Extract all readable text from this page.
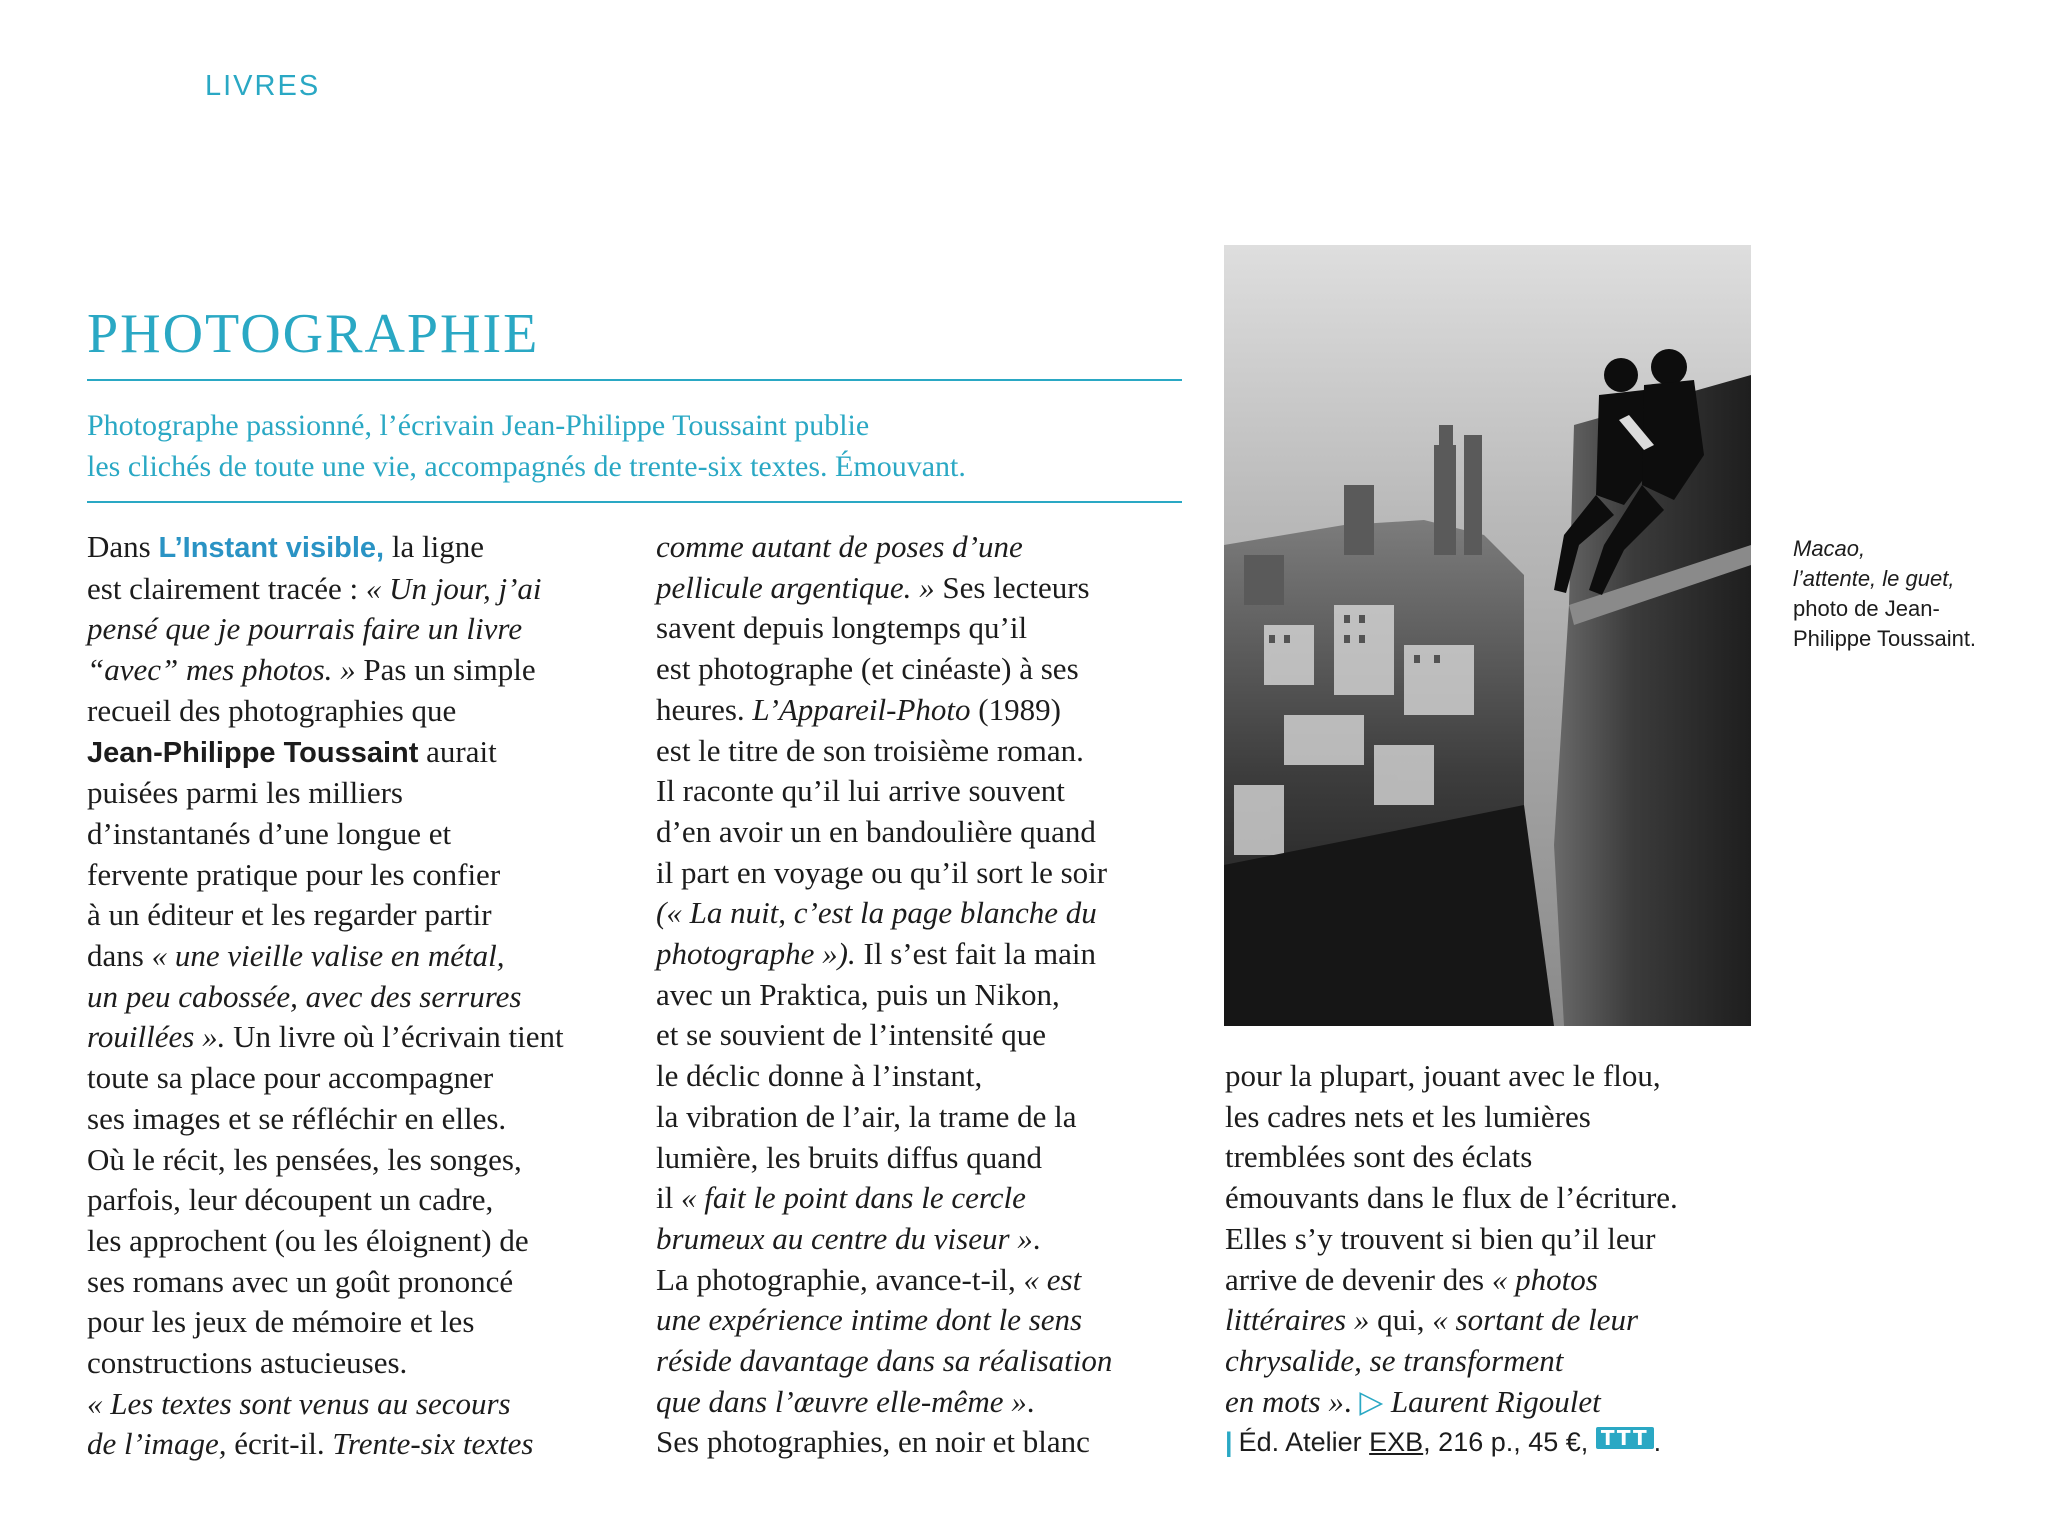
LIVRES
PHOTOGRAPHIE
Photographe passionné, l’écrivain Jean-Philippe Toussaint publie
les clichés de toute une vie, accompagnés de trente-six textes. Émouvant.
Dans L’Instant visible, la ligne
est clairement tracée : « Un jour, j’ai
pensé que je pourrais faire un livre
“avec” mes photos. » Pas un simple
recueil des photographies que
Jean-Philippe Toussaint aurait
puisées parmi les milliers
d’instantanés d’une longue et
fervente pratique pour les confier
à un éditeur et les regarder partir
dans « une vieille valise en métal,
un peu cabossée, avec des serrures
rouillées ». Un livre où l’écrivain tient
toute sa place pour accompagner
ses images et se réfléchir en elles.
Où le récit, les pensées, les songes,
parfois, leur découpent un cadre,
les approchent (ou les éloignent) de
ses romans avec un goût prononcé
pour les jeux de mémoire et les
constructions astucieuses.
« Les textes sont venus au secours
de l’image, écrit-il. Trente-six textes
comme autant de poses d’une
pellicule argentique. » Ses lecteurs
savent depuis longtemps qu’il
est photographe (et cinéaste) à ses
heures. L’Appareil-Photo (1989)
est le titre de son troisième roman.
Il raconte qu’il lui arrive souvent
d’en avoir un en bandoulière quand
il part en voyage ou qu’il sort le soir
(« La nuit, c’est la page blanche du
photographe »). Il s’est fait la main
avec un Praktica, puis un Nikon,
et se souvient de l’intensité que
le déclic donne à l’instant,
la vibration de l’air, la trame de la
lumière, les bruits diffus quand
il « fait le point dans le cercle
brumeux au centre du viseur ».
La photographie, avance-t-il, « est
une expérience intime dont le sens
réside davantage dans sa réalisation
que dans l’œuvre elle-même ».
Ses photographies, en noir et blanc
Macao,
l’attente, le guet,
photo de Jean-
Philippe Toussaint.
pour la plupart, jouant avec le flou,
les cadres nets et les lumières
tremblées sont des éclats
émouvants dans le flux de l’écriture.
Elles s’y trouvent si bien qu’il leur
arrive de devenir des « photos
littéraires » qui, « sortant de leur
chrysalide, se transforment
en mots ». ▷ Laurent Rigoulet
| Éd. Atelier EXB, 216 p., 45 €, TTT .
